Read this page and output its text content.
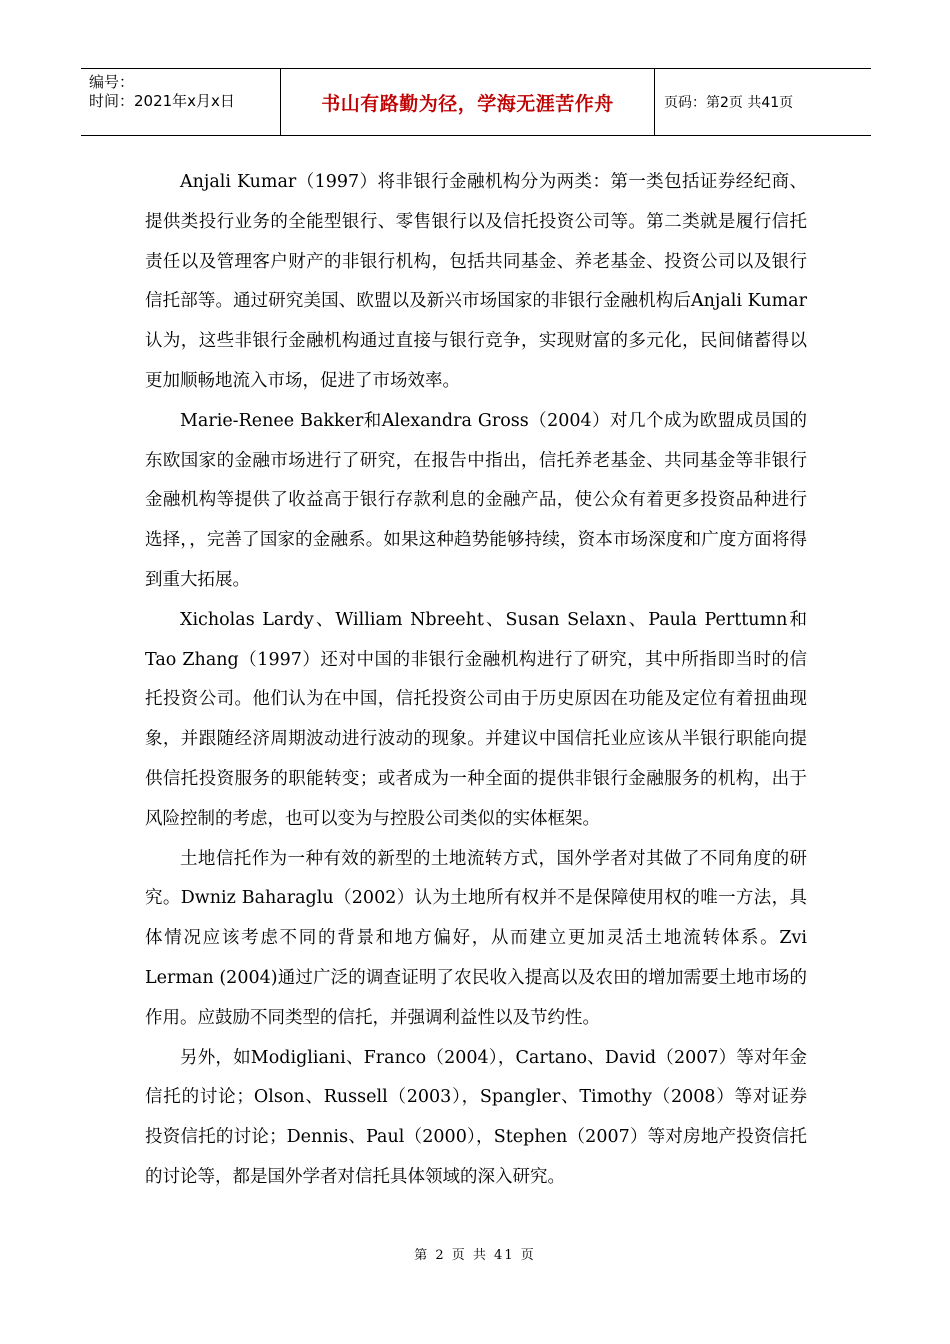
编号：
时间：2021年x月x日	书山有路勤为径，学海无涯苦作舟	页码：第2页 共41页

Anjali Kumar（1997）将非银行金融机构分为两类：第一类包括证券经纪商、提供类投行业务的全能型银行、零售银行以及信托投资公司等。第二类就是履行信托责任以及管理客户财产的非银行机构，包括共同基金、养老基金、投资公司以及银行信托部等。通过研究美国、欧盟以及新兴市场国家的非银行金融机构后Anjali Kumar认为，这些非银行金融机构通过直接与银行竞争，实现财富的多元化，民间储蓄得以更加顺畅地流入市场，促进了市场效率。

Marie-Renee Bakker和Alexandra Gross（2004）对几个成为欧盟成员国的东欧国家的金融市场进行了研究，在报告中指出，信托养老基金、共同基金等非银行金融机构等提供了收益高于银行存款利息的金融产品，使公众有着更多投资品种进行选择，，完善了国家的金融系。如果这种趋势能够持续，资本市场深度和广度方面将得到重大拓展。

Xicholas Lardy、William Nbreeht、Susan Selaxn、Paula Perttumn和Tao Zhang（1997）还对中国的非银行金融机构进行了研究，其中所指即当时的信托投资公司。他们认为在中国，信托投资公司由于历史原因在功能及定位有着扭曲现象，并跟随经济周期波动进行波动的现象。并建议中国信托业应该从半银行职能向提供信托投资服务的职能转变；或者成为一种全面的提供非银行金融服务的机构，出于风险控制的考虑，也可以变为与控股公司类似的实体框架。

土地信托作为一种有效的新型的土地流转方式，国外学者对其做了不同角度的研究。Dwniz Baharaglu（2002）认为土地所有权并不是保障使用权的唯一方法，具体情况应该考虑不同的背景和地方偏好，从而建立更加灵活土地流转体系。Zvi Lerman (2004)通过广泛的调查证明了农民收入提高以及农田的增加需要土地市场的作用。应鼓励不同类型的信托，并强调利益性以及节约性。

另外，如Modigliani、Franco（2004），Cartano、David（2007）等对年金信托的讨论；Olson、Russell（2003），Spangler、Timothy（2008）等对证券投资信托的讨论；Dennis、Paul（2000），Stephen（2007）等对房地产投资信托的讨论等，都是国外学者对信托具体领域的深入研究。

第 2 页 共 41 页
